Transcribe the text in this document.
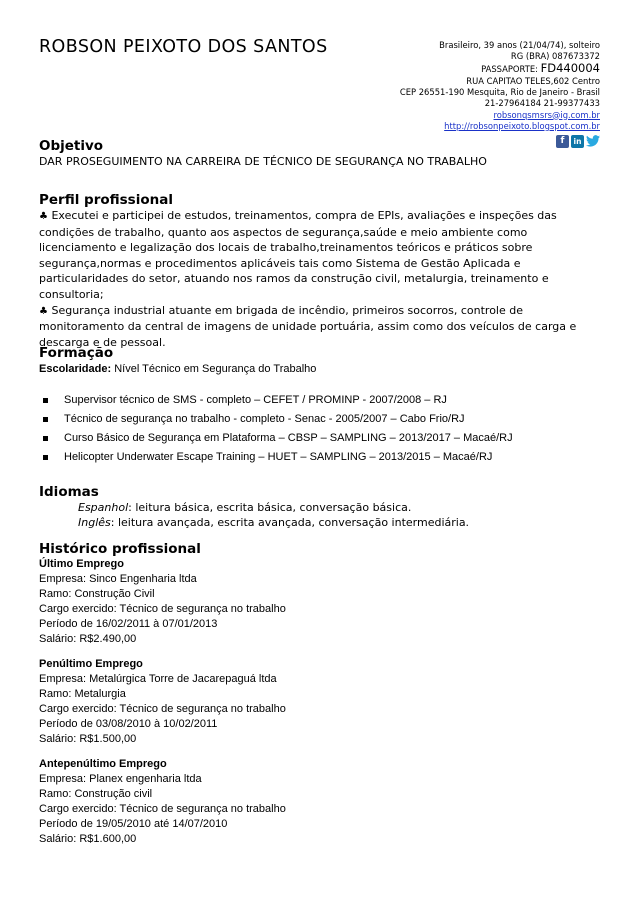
ROBSON PEIXOTO DOS SANTOS	Brasileiro, 39 anos (21/04/74), solteiro
RG (BRA) 087673372
PASSAPORTE: FD440004
RUA CAPITAO TELES,602 Centro
CEP 26551-190 Mesquita, Rio de Janeiro - Brasil
21-27964184 21-99377433
robsonqsmsrs@ig.com.br
http://robsonpeixoto.blogspot.com.br
f	in
Objetivo
DAR PROSEGUIMENTO NA CARREIRA DE TÉCNICO DE SEGURANÇA NO TRABALHO
Perfil profissional
♣ Executei e participei de estudos, treinamentos, compra de EPIs, avaliações e inspeções das condições de trabalho, quanto aos aspectos de segurança,saúde e meio ambiente como licenciamento e legalização dos locais de trabalho,treinamentos teóricos e práticos sobre segurança,normas e procedimentos aplicáveis tais como Sistema de Gestão Aplicada e particularidades do setor, atuando nos ramos da construção civil, metalurgia, treinamento e consultoria;
♣ Segurança industrial atuante em brigada de incêndio, primeiros socorros, controle de monitoramento da central de imagens de unidade portuária, assim como dos veículos de carga e descarga e de pessoal.
Formação
Escolaridade: Nível Técnico em Segurança do Trabalho
Supervisor técnico de SMS - completo – CEFET / PROMINP - 2007/2008 – RJ
Técnico de segurança no trabalho - completo - Senac - 2005/2007 – Cabo Frio/RJ
Curso Básico de Segurança em Plataforma – CBSP – SAMPLING – 2013/2017 – Macaé/RJ
Helicopter Underwater Escape Training – HUET – SAMPLING – 2013/2015 – Macaé/RJ
Idiomas
Espanhol: leitura básica, escrita básica, conversação básica.
Inglês: leitura avançada, escrita avançada, conversação intermediária.
Histórico profissional
Último Emprego
Empresa: Sinco Engenharia ltda
Ramo: Construção Civil
Cargo exercido: Técnico de segurança no trabalho
Período de 16/02/2011 à 07/01/2013
Salário: R$2.490,00
Penúltimo Emprego
Empresa: Metalúrgica Torre de Jacarepaguá ltda
Ramo: Metalurgia
Cargo exercido: Técnico de segurança no trabalho
Período de 03/08/2010 à 10/02/2011
Salário: R$1.500,00
Antepenúltimo Emprego
Empresa: Planex engenharia ltda
Ramo: Construção civil
Cargo exercido: Técnico de segurança no trabalho
Período de 19/05/2010 até 14/07/2010
Salário: R$1.600,00
